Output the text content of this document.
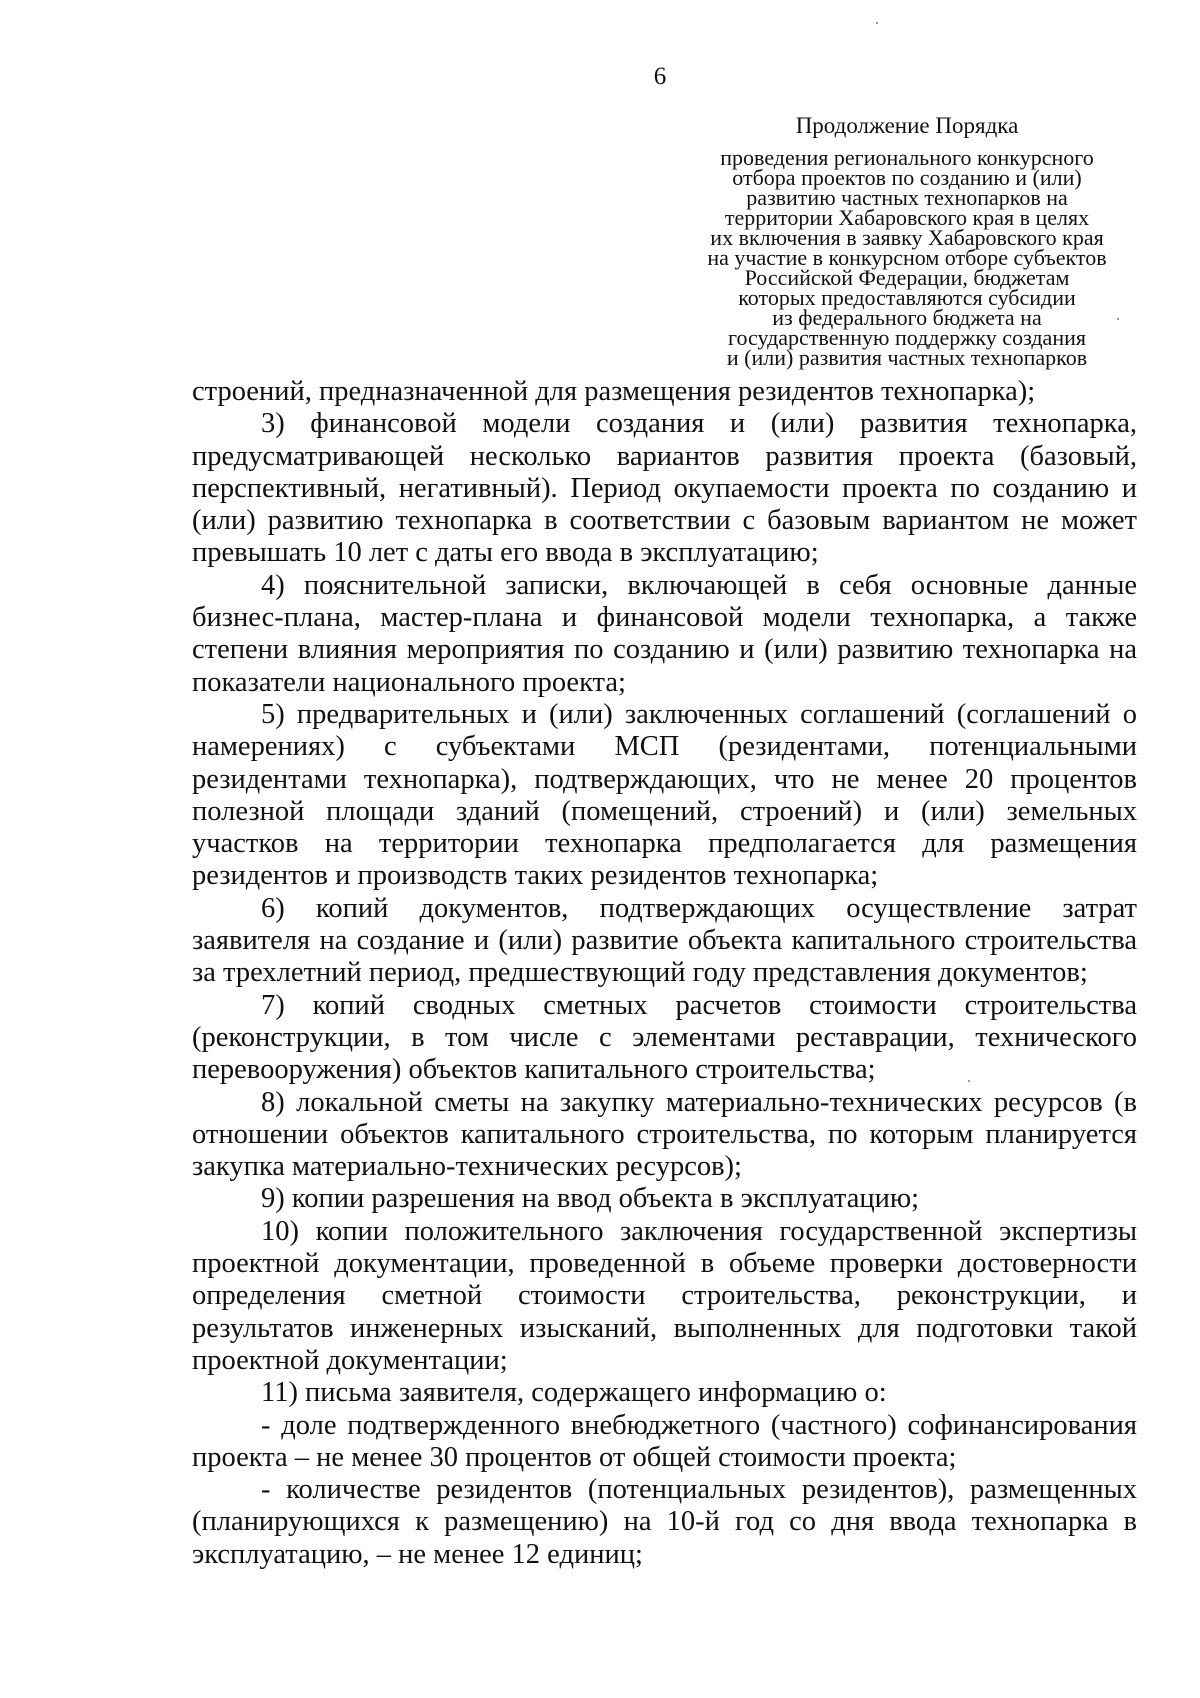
6
Продолжение Порядка
проведения регионального конкурсного
отбора проектов по созданию и (или)
развитию частных технопарков на
территории Хабаровского края в целях
их включения в заявку Хабаровского края
на участие в конкурсном отборе субъектов
Российской Федерации, бюджетам
которых предоставляются субсидии
из федерального бюджета на
государственную поддержку создания
и (или) развития частных технопарков

строений, предназначенной для размещения резидентов технопарка);

3) финансовой модели создания и (или) развития технопарка, предусматривающей несколько вариантов развития проекта (базовый, перспективный, негативный). Период окупаемости проекта по созданию и (или) развитию технопарка в соответствии с базовым вариантом не может превышать 10 лет с даты его ввода в эксплуатацию;

4) пояснительной записки, включающей в себя основные данные бизнес-плана, мастер-плана и финансовой модели технопарка, а также степени влияния мероприятия по созданию и (или) развитию технопарка на показатели национального проекта;

5) предварительных и (или) заключенных соглашений (соглашений о намерениях) с субъектами МСП (резидентами, потенциальными резидентами технопарка), подтверждающих, что не менее 20 процентов полезной площади зданий (помещений, строений) и (или) земельных участков на территории технопарка предполагается для размещения резидентов и производств таких резидентов технопарка;

6) копий документов, подтверждающих осуществление затрат заявителя на создание и (или) развитие объекта капитального строительства за трехлетний период, предшествующий году представления документов;

7) копий сводных сметных расчетов стоимости строительства (реконструкции, в том числе с элементами реставрации, технического перевооружения) объектов капитального строительства;

8) локальной сметы на закупку материально-технических ресурсов (в отношении объектов капитального строительства, по которым планируется закупка материально-технических ресурсов);

9) копии разрешения на ввод объекта в эксплуатацию;

10) копии положительного заключения государственной экспертизы проектной документации, проведенной в объеме проверки достоверности определения сметной стоимости строительства, реконструкции, и результатов инженерных изысканий, выполненных для подготовки такой проектной документации;

11) письма заявителя, содержащего информацию о:

- доле подтвержденного внебюджетного (частного) софинансирования проекта – не менее 30 процентов от общей стоимости проекта;

- количестве резидентов (потенциальных резидентов), размещенных (планирующихся к размещению) на 10-й год со дня ввода технопарка в эксплуатацию, – не менее 12 единиц;
